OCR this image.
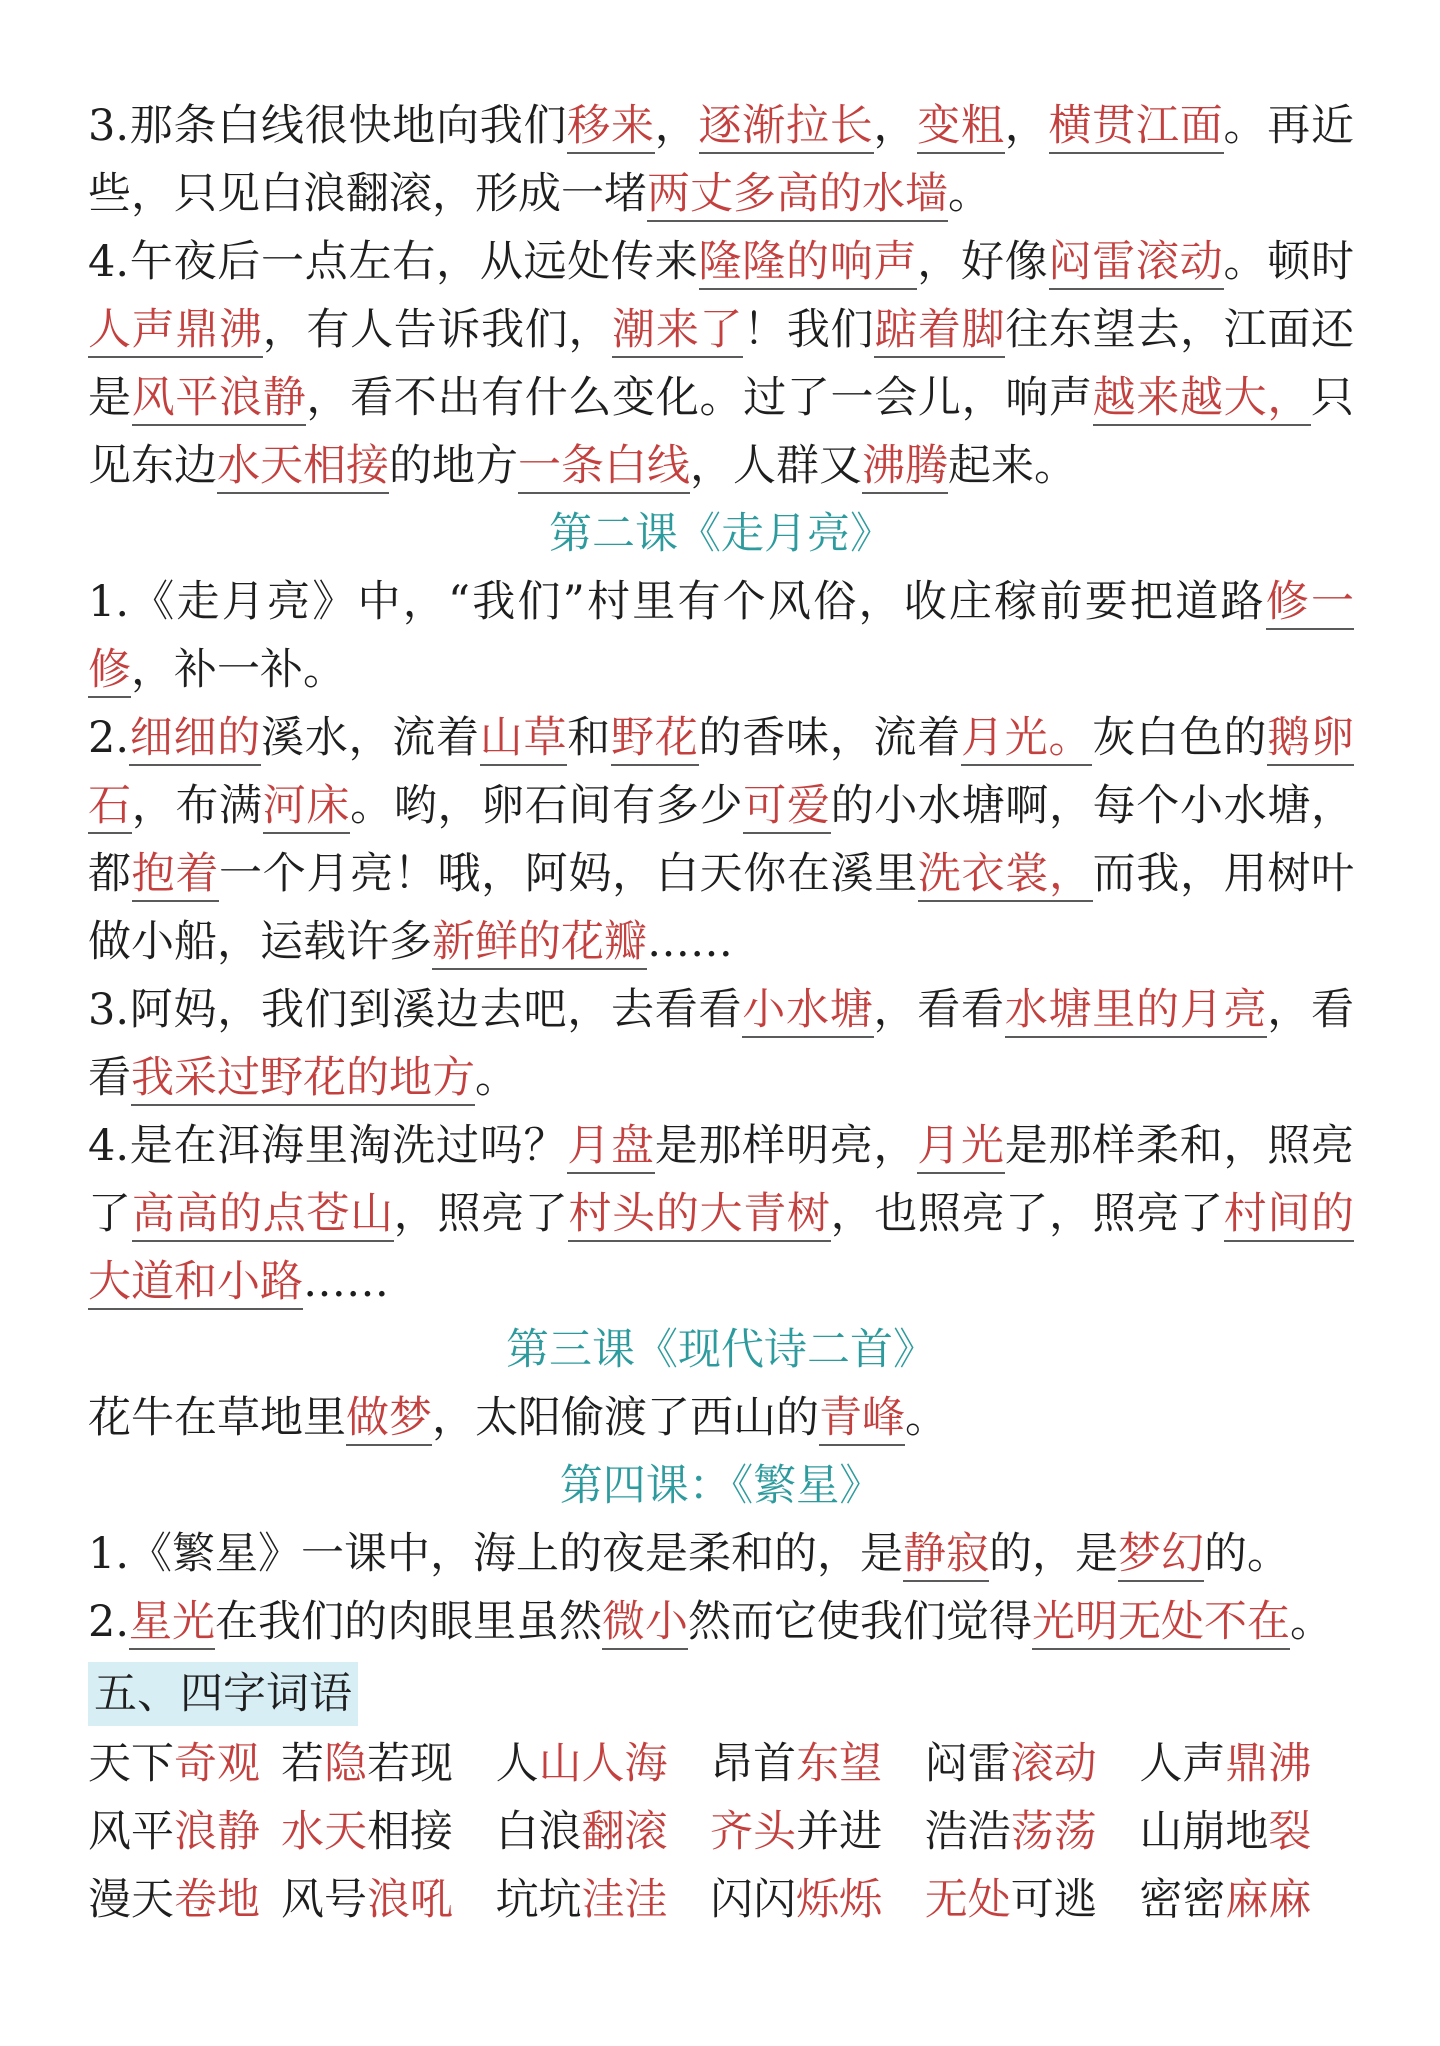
3.那条白线很快地向我们移来，逐渐拉长，变粗，横贯江面。再近些，只见白浪翻滚，形成一堵两丈多高的水墙。

4.午夜后一点左右，从远处传来隆隆的响声，好像闷雷滚动。顿时人声鼎沸，有人告诉我们，潮来了！我们踮着脚往东望去，江面还是风平浪静，看不出有什么变化。过了一会儿，响声越来越大，只见东边水天相接的地方一条白线，人群又沸腾起来。

第二课《走月亮》

1.《走月亮》中，“我们”村里有个风俗，收庄稼前要把道路修一修，补一补。

2.细细的溪水，流着山草和野花的香味，流着月光。灰白色的鹅卵石，布满河床。哟，卵石间有多少可爱的小水塘啊，每个小水塘，都抱着一个月亮！哦，阿妈，白天你在溪里洗衣裳，而我，用树叶做小船，运载许多新鲜的花瓣……

3.阿妈，我们到溪边去吧，去看看小水塘，看看水塘里的月亮，看看我采过野花的地方。

4.是在洱海里淘洗过吗？月盘是那样明亮，月光是那样柔和，照亮了高高的点苍山，照亮了村头的大青树，也照亮了，照亮了村间的大道和小路……

第三课《现代诗二首》

花牛在草地里做梦，太阳偷渡了西山的青峰。

第四课：《繁星》

1.《繁星》一课中，海上的夜是柔和的，是静寂的，是梦幻的。

2.星光在我们的肉眼里虽然微小然而它使我们觉得光明无处不在。

五、四字词语
天下奇观 若隐若现 人山人海 昂首东望 闷雷滚动 人声鼎沸
风平浪静 水天相接 白浪翻滚 齐头并进 浩浩荡荡 山崩地裂
漫天卷地 风号浪吼 坑坑洼洼 闪闪烁烁 无处可逃 密密麻麻
